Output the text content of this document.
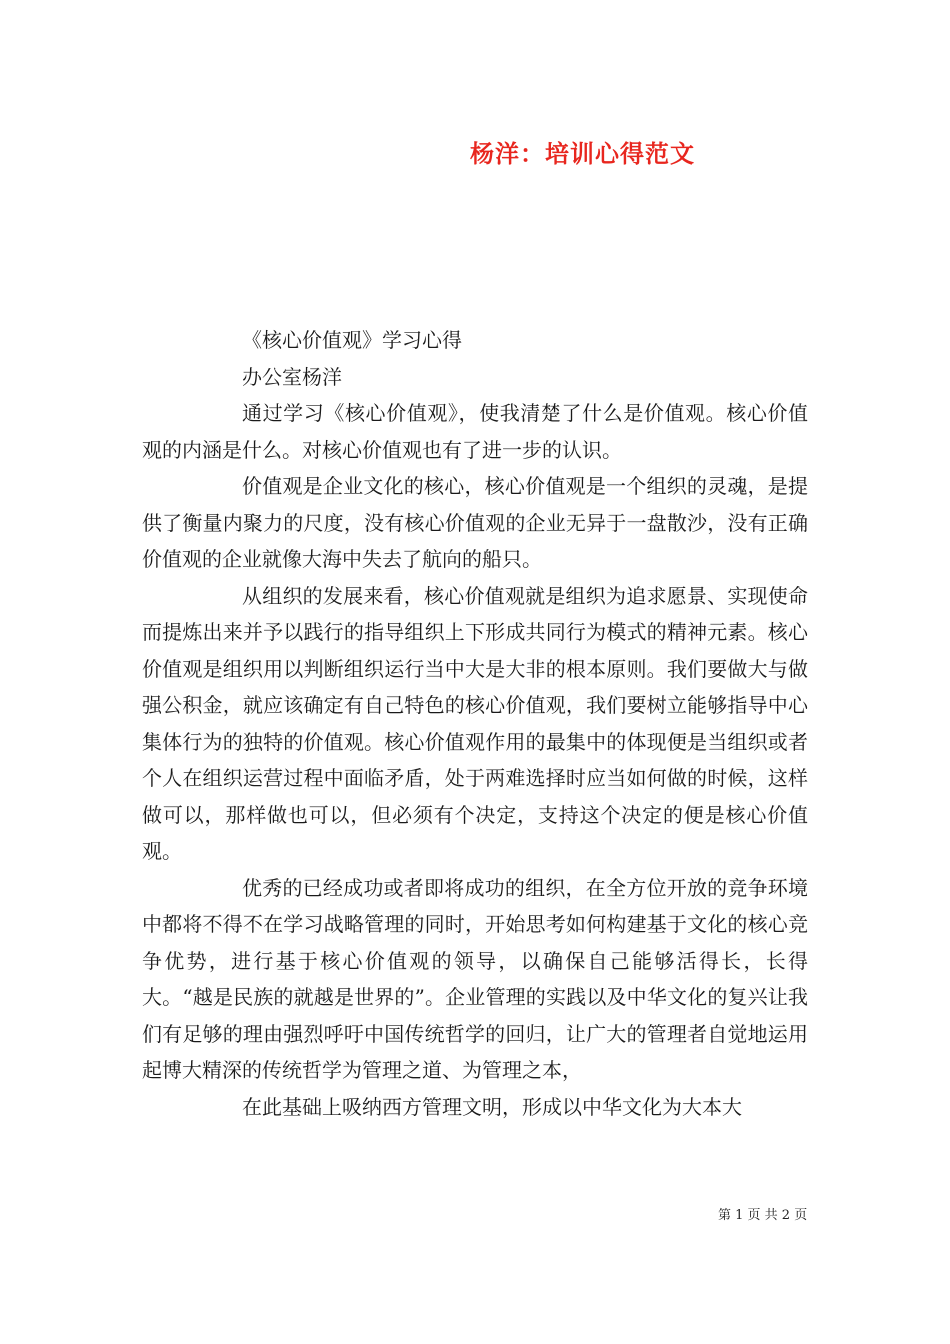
杨洋：培训心得范文

《核心价值观》学习心得

办公室杨洋

通过学习《核心价值观》，使我清楚了什么是价值观。核心价值观的内涵是什么。对核心价值观也有了进一步的认识。

价值观是企业文化的核心，核心价值观是一个组织的灵魂，是提供了衡量内聚力的尺度，没有核心价值观的企业无异于一盘散沙，没有正确价值观的企业就像大海中失去了航向的船只。

从组织的发展来看，核心价值观就是组织为追求愿景、实现使命而提炼出来并予以践行的指导组织上下形成共同行为模式的精神元素。核心价值观是组织用以判断组织运行当中大是大非的根本原则。我们要做大与做强公积金，就应该确定有自己特色的核心价值观，我们要树立能够指导中心集体行为的独特的价值观。核心价值观作用的最集中的体现便是当组织或者个人在组织运营过程中面临矛盾，处于两难选择时应当如何做的时候，这样做可以，那样做也可以，但必须有个决定，支持这个决定的便是核心价值观。

优秀的已经成功或者即将成功的组织，在全方位开放的竞争环境中都将不得不在学习战略管理的同时，开始思考如何构建基于文化的核心竞争优势，进行基于核心价值观的领导，以确保自己能够活得长，长得大。“越是民族的就越是世界的”。企业管理的实践以及中华文化的复兴让我们有足够的理由强烈呼吁中国传统哲学的回归，让广大的管理者自觉地运用起博大精深的传统哲学为管理之道、为管理之本，

在此基础上吸纳西方管理文明，形成以中华文化为大本大

第 1 页 共 2 页
